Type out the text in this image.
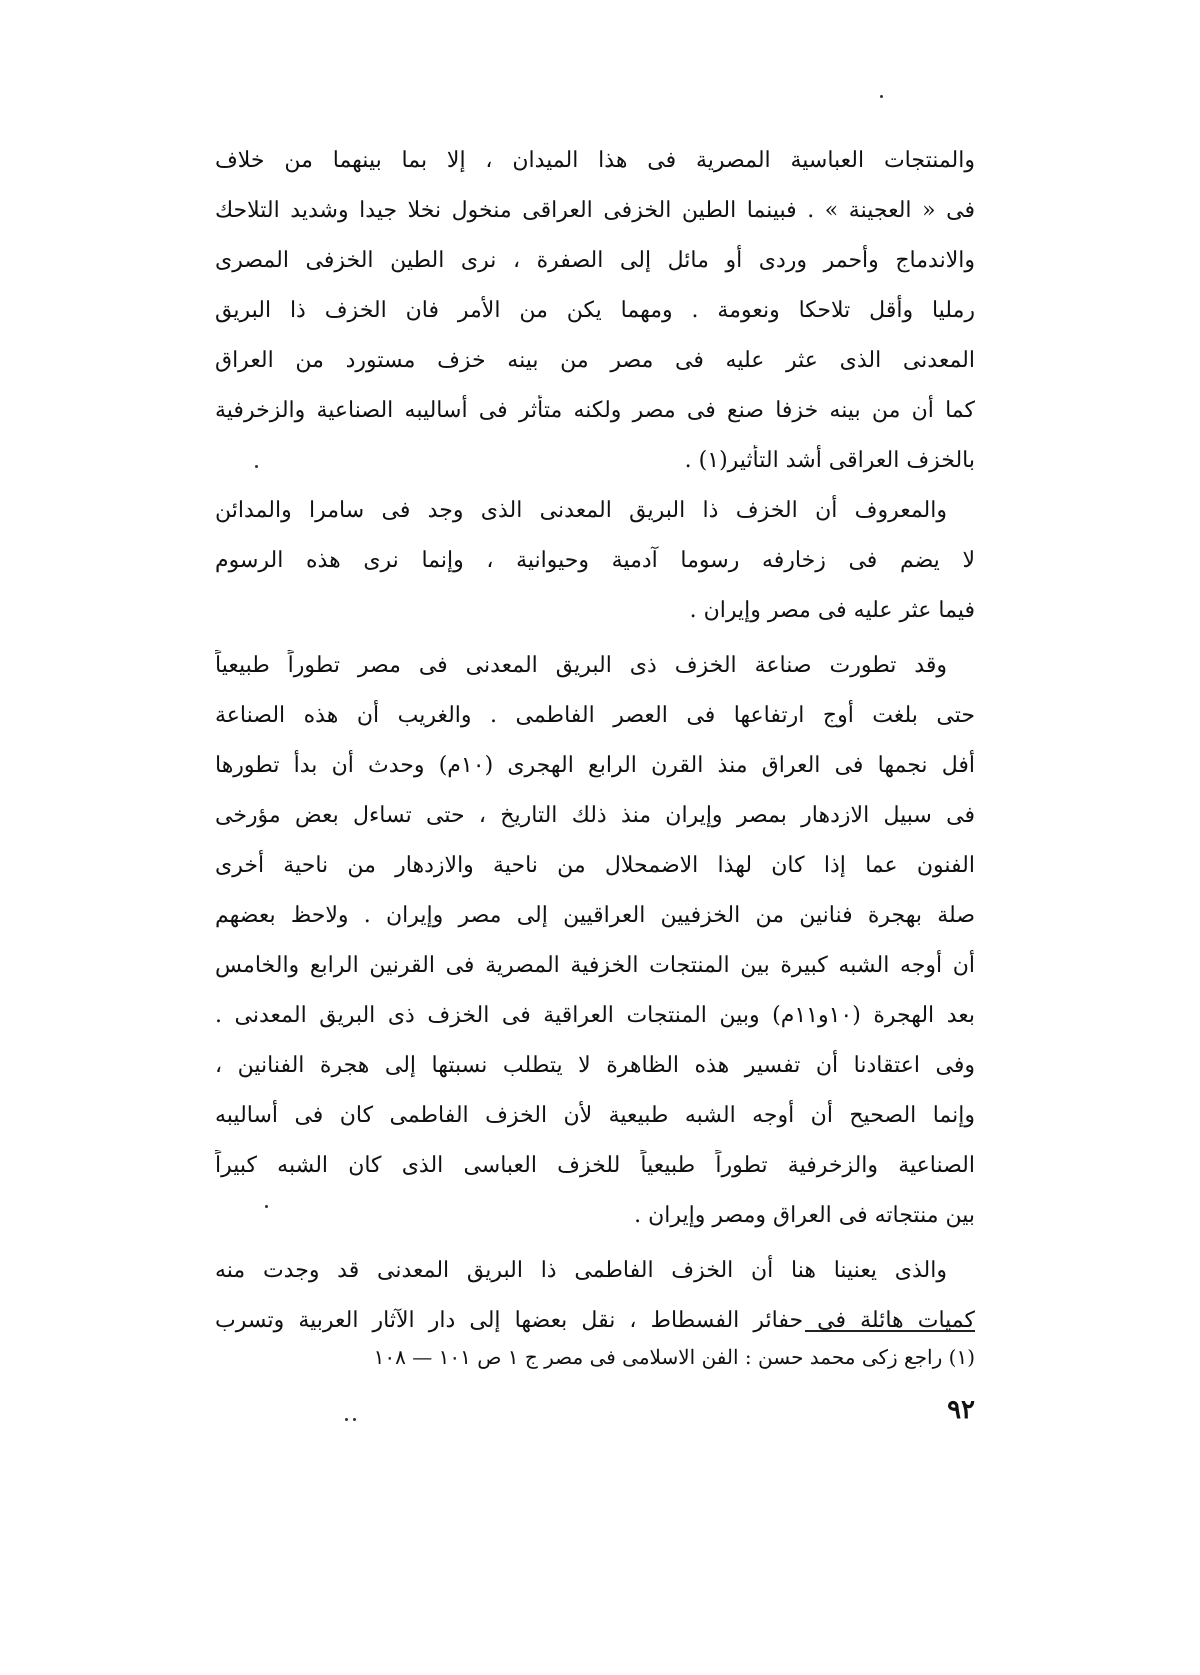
والمنتجات العباسية المصرية فى هذا الميدان ، إلا بما بينهما من خلاف
فى « العجينة » . فبينما الطين الخزفى العراقى منخول نخلا جيدا وشديد التلاحك
والاندماج وأحمر وردى أو مائل إلى الصفرة ، نرى الطين الخزفى المصرى
رمليا وأقل تلاحكا ونعومة . ومهما يكن من الأمر فان الخزف ذا البريق
المعدنى الذى عثر عليه فى مصر من بينه خزف مستورد من العراق
كما أن من بينه خزفا صنع فى مصر ولكنه متأثر فى أساليبه الصناعية والزخرفية
بالخزف العراقى أشد التأثير(١) .
والمعروف أن الخزف ذا البريق المعدنى الذى وجد فى سامرا والمدائن
لا يضم فى زخارفه رسوما آدمية وحيوانية ، وإنما نرى هذه الرسوم
فيما عثر عليه فى مصر وإيران .
وقد تطورت صناعة الخزف ذى البريق المعدنى فى مصر تطوراً طبيعياً
حتى بلغت أوج ارتفاعها فى العصر الفاطمى . والغريب أن هذه الصناعة
أفل نجمها فى العراق منذ القرن الرابع الهجرى (١٠م) وحدث أن بدأ تطورها
فى سبيل الازدهار بمصر وإيران منذ ذلك التاريخ ، حتى تساءل بعض مؤرخى
الفنون عما إذا كان لهذا الاضمحلال من ناحية والازدهار من ناحية أخرى
صلة بهجرة فنانين من الخزفيين العراقيين إلى مصر وإيران . ولاحظ بعضهم
أن أوجه الشبه كبيرة بين المنتجات الخزفية المصرية فى القرنين الرابع والخامس
بعد الهجرة (١٠و١١م) وبين المنتجات العراقية فى الخزف ذى البريق المعدنى .
وفى اعتقادنا أن تفسير هذه الظاهرة لا يتطلب نسبتها إلى هجرة الفنانين ،
وإنما الصحيح أن أوجه الشبه طبيعية لأن الخزف الفاطمى كان فى أساليبه
الصناعية والزخرفية تطوراً طبيعياً للخزف العباسى الذى كان الشبه كبيراً
بين منتجاته فى العراق ومصر وإيران .
والذى يعنينا هنا أن الخزف الفاطمى ذا البريق المعدنى قد وجدت منه
كميات هائلة فى حفائر الفسطاط ، نقل بعضها إلى دار الآثار العربية وتسرب
(١) راجع زكى محمد حسن : الفن الاسلامى فى مصر ج ١ ص ١٠١ — ١٠٨
٩٢
